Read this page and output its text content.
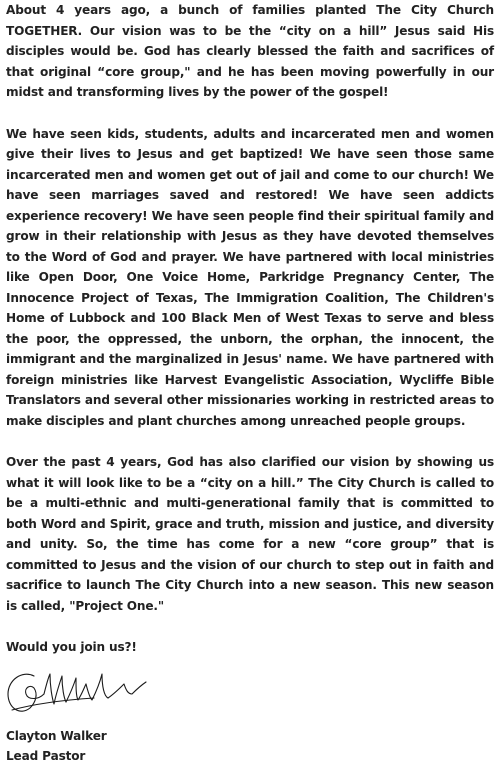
About 4 years ago, a bunch of families planted The City Church TOGETHER. Our vision was to be the “city on a hill” Jesus said His disciples would be. God has clearly blessed the faith and sacrifices of that original “core group," and he has been moving powerfully in our midst and transforming lives by the power of the gospel!

We have seen kids, students, adults and incarcerated men and women give their lives to Jesus and get baptized! We have seen those same incarcerated men and women get out of jail and come to our church! We have seen marriages saved and restored! We have seen addicts experience recovery! We have seen people find their spiritual family and grow in their relationship with Jesus as they have devoted themselves to the Word of God and prayer. We have partnered with local ministries like Open Door, One Voice Home, Parkridge Pregnancy Center, The Innocence Project of Texas, The Immigration Coalition, The Children's Home of Lubbock and 100 Black Men of West Texas to serve and bless the poor, the oppressed, the unborn, the orphan, the innocent, the immigrant and the marginalized in Jesus' name. We have partnered with foreign ministries like Harvest Evangelistic Association, Wycliffe Bible Translators and several other missionaries working in restricted areas to make disciples and plant churches among unreached people groups.

Over the past 4 years, God has also clarified our vision by showing us what it will look like to be a “city on a hill.” The City Church is called to be a multi-ethnic and multi-generational family that is committed to both Word and Spirit, grace and truth, mission and justice, and diversity and unity. So, the time has come for a new “core group” that is committed to Jesus and the vision of our church to step out in faith and sacrifice to launch The City Church into a new season. This new season is called, "Project One."

Would you join us?!

Clayton Walker

Lead Pastor
